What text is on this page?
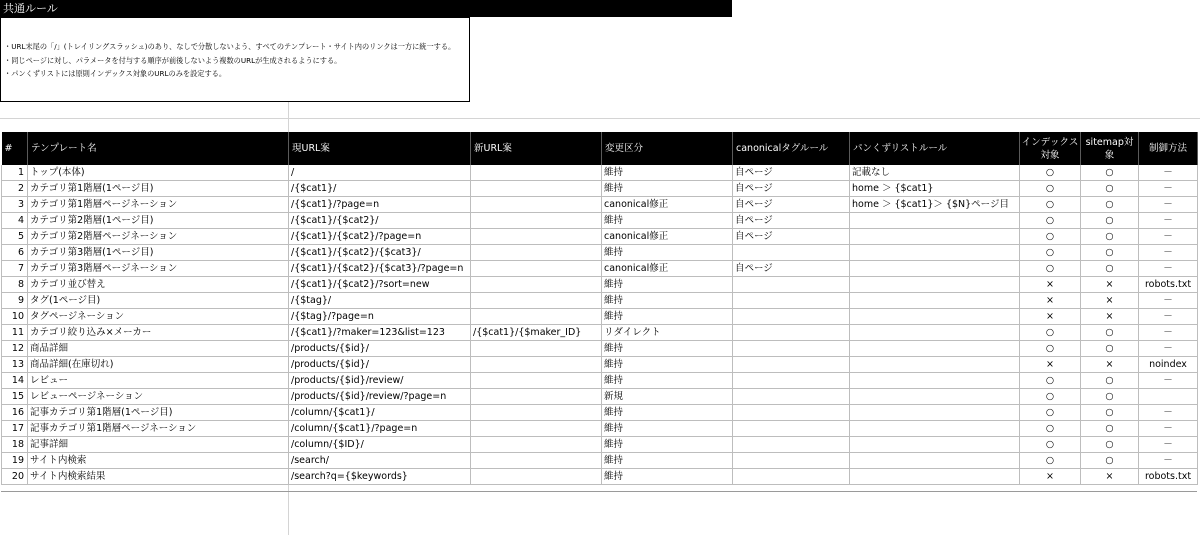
共通ルール
・URL末尾の「/」(トレイリングスラッシュ)のあり、なしで分散しないよう、すべてのテンプレート・サイト内のリンクは一方に統一する。
・同じページに対し、パラメータを付与する順序が前後しないよう複数のURLが生成されるようにする。
・パンくずリストには原則インデックス対象のURLのみを設定する。
#	テンプレート名	現URL案	新URL案	変更区分	canonicalタグルール	パンくずリストルール	インデックス対象	sitemap対象	制御方法
1	トップ(本体)	/		維持	自ページ	記載なし	○	○	－
2	カテゴリ第1階層(1ページ目)	/{$cat1}/		維持	自ページ	home ＞ {$cat1}	○	○	－
3	カテゴリ第1階層ページネーション	/{$cat1}/?page=n		canonical修正	自ページ	home ＞ {$cat1}＞ {$N}ページ目	○	○	－
4	カテゴリ第2階層(1ページ目)	/{$cat1}/{$cat2}/		維持	自ページ		○	○	－
5	カテゴリ第2階層ページネーション	/{$cat1}/{$cat2}/?page=n		canonical修正	自ページ		○	○	－
6	カテゴリ第3階層(1ページ目)	/{$cat1}/{$cat2}/{$cat3}/		維持			○	○	－
7	カテゴリ第3階層ページネーション	/{$cat1}/{$cat2}/{$cat3}/?page=n		canonical修正	自ページ		○	○	－
8	カテゴリ並び替え	/{$cat1}/{$cat2}/?sort=new		維持			×	×	robots.txt
9	タグ(1ページ目)	/{$tag}/		維持			×	×	－
10	タグページネーション	/{$tag}/?page=n		維持			×	×	－
11	カテゴリ絞り込み×メーカー	/{$cat1}/?maker=123&list=123	/{$cat1}/{$maker_ID}	リダイレクト			○	○	－
12	商品詳細	/products/{$id}/		維持			○	○	－
13	商品詳細(在庫切れ)	/products/{$id}/		維持			×	×	noindex
14	レビュー	/products/{$id}/review/		維持			○	○	－
15	レビューページネーション	/products/{$id}/review/?page=n		新規			○	○	
16	記事カテゴリ第1階層(1ページ目)	/column/{$cat1}/		維持			○	○	－
17	記事カテゴリ第1階層ページネーション	/column/{$cat1}/?page=n		維持			○	○	－
18	記事詳細	/column/{$ID}/		維持			○	○	－
19	サイト内検索	/search/		維持			○	○	－
20	サイト内検索結果	/search?q={$keywords}		維持			×	×	robots.txt
